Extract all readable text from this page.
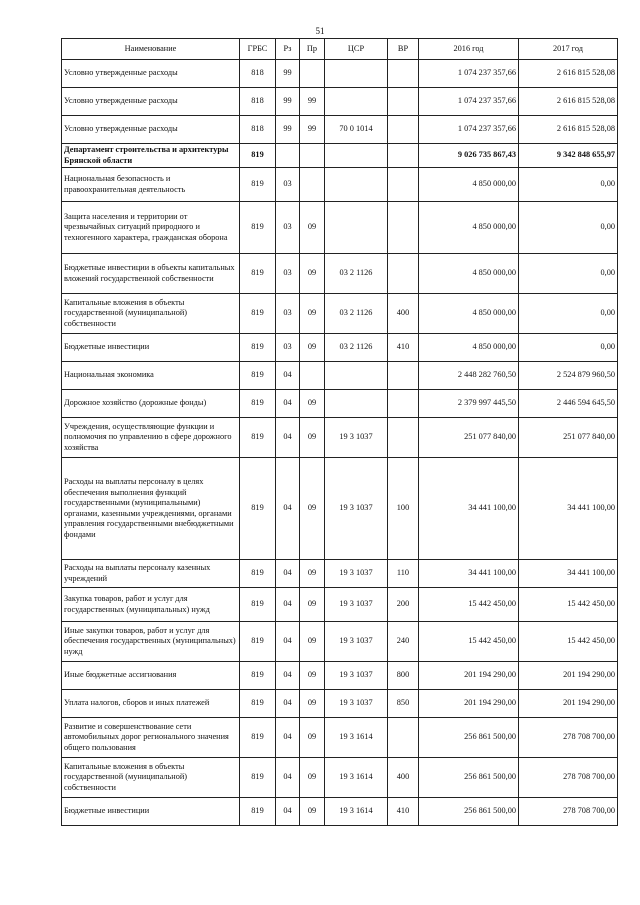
51
Наименование	ГРБС	Рз	Пр	ЦСР	ВР	2016 год	2017 год
Условно утвержденные расходы	818	99				1 074 237 357,66	2 616 815 528,08
Условно утвержденные расходы	818	99	99			1 074 237 357,66	2 616 815 528,08
Условно утвержденные расходы	818	99	99	70 0 1014		1 074 237 357,66	2 616 815 528,08
Департамент строительства и архитектуры Брянской области	819					9 026 735 867,43	9 342 848 655,97
Национальная безопасность и правоохранительная деятельность	819	03				4 850 000,00	0,00
Защита населения и территории от чрезвычайных ситуаций природного и техногенного характера, гражданская оборона	819	03	09			4 850 000,00	0,00
Бюджетные инвестиции в объекты капитальных вложений государственной собственности	819	03	09	03 2 1126		4 850 000,00	0,00
Капитальные вложения в объекты государственной (муниципальной) собственности	819	03	09	03 2 1126	400	4 850 000,00	0,00
Бюджетные инвестиции	819	03	09	03 2 1126	410	4 850 000,00	0,00
Национальная экономика	819	04				2 448 282 760,50	2 524 879 960,50
Дорожное хозяйство (дорожные фонды)	819	04	09			2 379 997 445,50	2 446 594 645,50
Учреждения, осуществляющие функции и полномочия по управлению в сфере дорожного хозяйства	819	04	09	19 3 1037		251 077 840,00	251 077 840,00
Расходы на выплаты персоналу в целях обеспечения выполнения функций государственными (муниципальными) органами, казенными учреждениями, органами управления государственными внебюджетными фондами	819	04	09	19 3 1037	100	34 441 100,00	34 441 100,00
Расходы на выплаты персоналу казенных учреждений	819	04	09	19 3 1037	110	34 441 100,00	34 441 100,00
Закупка товаров, работ и услуг для государственных (муниципальных) нужд	819	04	09	19 3 1037	200	15 442 450,00	15 442 450,00
Иные закупки товаров, работ и услуг для обеспечения государственных (муниципальных) нужд	819	04	09	19 3 1037	240	15 442 450,00	15 442 450,00
Иные бюджетные ассигнования	819	04	09	19 3 1037	800	201 194 290,00	201 194 290,00
Уплата налогов, сборов и иных платежей	819	04	09	19 3 1037	850	201 194 290,00	201 194 290,00
Развитие и совершенствование сети автомобильных дорог регионального значения общего пользования	819	04	09	19 3 1614		256 861 500,00	278 708 700,00
Капитальные вложения в объекты государственной (муниципальной) собственности	819	04	09	19 3 1614	400	256 861 500,00	278 708 700,00
Бюджетные инвестиции	819	04	09	19 3 1614	410	256 861 500,00	278 708 700,00
